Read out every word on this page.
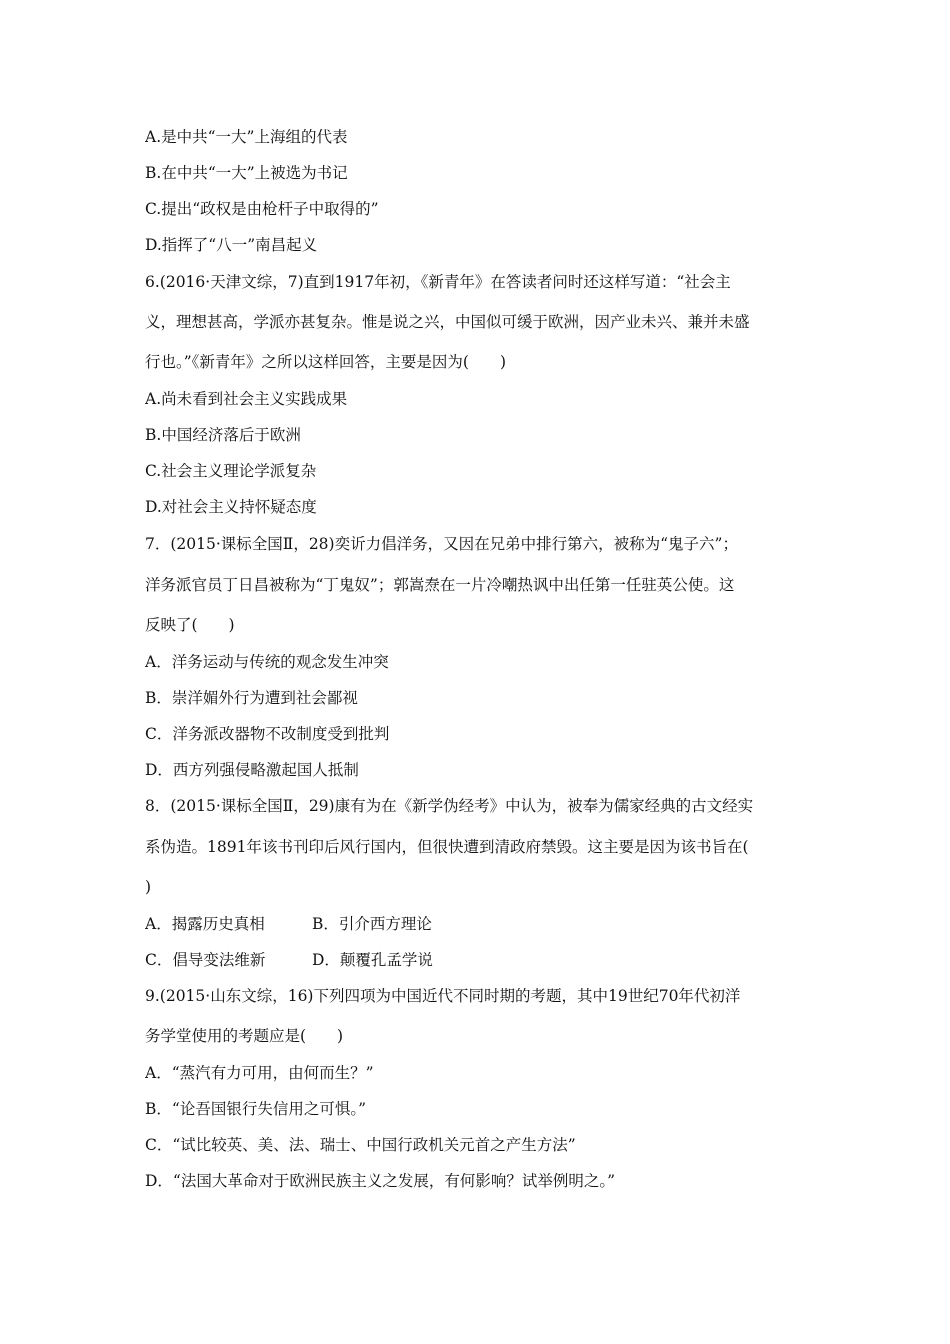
A.是中共“一大”上海组的代表
B.在中共“一大”上被选为书记
C.提出“政权是由枪杆子中取得的”
D.指挥了“八一”南昌起义
6.(2016·天津文综，7)直到1917年初，《新青年》在答读者问时还这样写道：“社会主
义，理想甚高，学派亦甚复杂。惟是说之兴，中国似可缓于欧洲，因产业未兴、兼并未盛
行也。”《新青年》之所以这样回答，主要是因为(　　)
A.尚未看到社会主义实践成果
B.中国经济落后于欧洲
C.社会主义理论学派复杂
D.对社会主义持怀疑态度
7．(2015·课标全国Ⅱ，28)奕䜣力倡洋务，又因在兄弟中排行第六，被称为“鬼子六”；
洋务派官员丁日昌被称为“丁鬼奴”；郭嵩焘在一片冷嘲热讽中出任第一任驻英公使。这
反映了(　　)
A．洋务运动与传统的观念发生冲突
B．崇洋媚外行为遭到社会鄙视
C．洋务派改器物不改制度受到批判
D．西方列强侵略激起国人抵制
8．(2015·课标全国Ⅱ，29)康有为在《新学伪经考》中认为，被奉为儒家经典的古文经实
系伪造。1891年该书刊印后风行国内，但很快遭到清政府禁毁。这主要是因为该书旨在(
)
A．揭露历史真相	B．引介西方理论
C．倡导变法维新	D．颠覆孔孟学说
9.(2015·山东文综，16)下列四项为中国近代不同时期的考题，其中19世纪70年代初洋
务学堂使用的考题应是(　　)
A．“蒸汽有力可用，由何而生？”
B．“论吾国银行失信用之可惧。”
C．“试比较英、美、法、瑞士、中国行政机关元首之产生方法”
D．“法国大革命对于欧洲民族主义之发展，有何影响？试举例明之。”
